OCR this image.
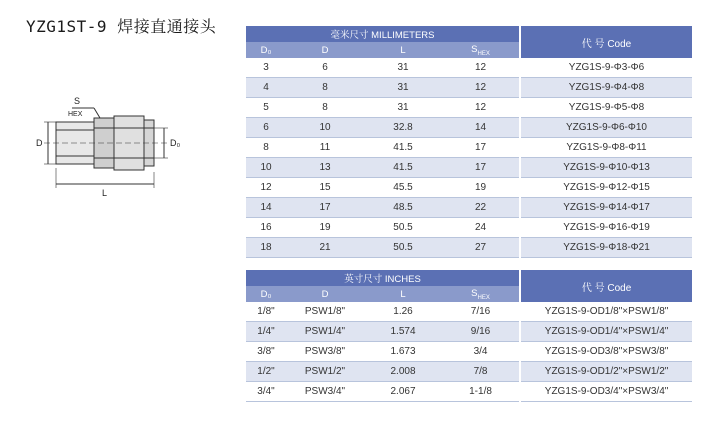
YZG1ST-9 焊接直通接头
S
HEX
D	D₀
L
毫米尺寸 MILLIMETERS				代 号 Code
D₀	D	L	$S_{HEX}$
3	6	31	12	YZG1S-9-Φ3-Φ6
4	8	31	12	YZG1S-9-Φ4-Φ8
5	8	31	12	YZG1S-9-Φ5-Φ8
6	10	32.8	14	YZG1S-9-Φ6-Φ10
8	11	41.5	17	YZG1S-9-Φ8-Φ11
10	13	41.5	17	YZG1S-9-Φ10-Φ13
12	15	45.5	19	YZG1S-9-Φ12-Φ15
14	17	48.5	22	YZG1S-9-Φ14-Φ17
16	19	50.5	24	YZG1S-9-Φ16-Φ19
18	21	50.5	27	YZG1S-9-Φ18-Φ21
英寸尺寸 INCHES				代 号 Code
D₀	D	L	$S_{HEX}$
1/8"	PSW1/8"	1.26	7/16	YZG1S-9-OD1/8"×PSW1/8"
1/4"	PSW1/4"	1.574	9/16	YZG1S-9-OD1/4"×PSW1/4"
3/8"	PSW3/8"	1.673	3/4	YZG1S-9-OD3/8"×PSW3/8"
1/2"	PSW1/2"	2.008	7/8	YZG1S-9-OD1/2"×PSW1/2"
3/4"	PSW3/4"	2.067	1-1/8	YZG1S-9-OD3/4"×PSW3/4"
